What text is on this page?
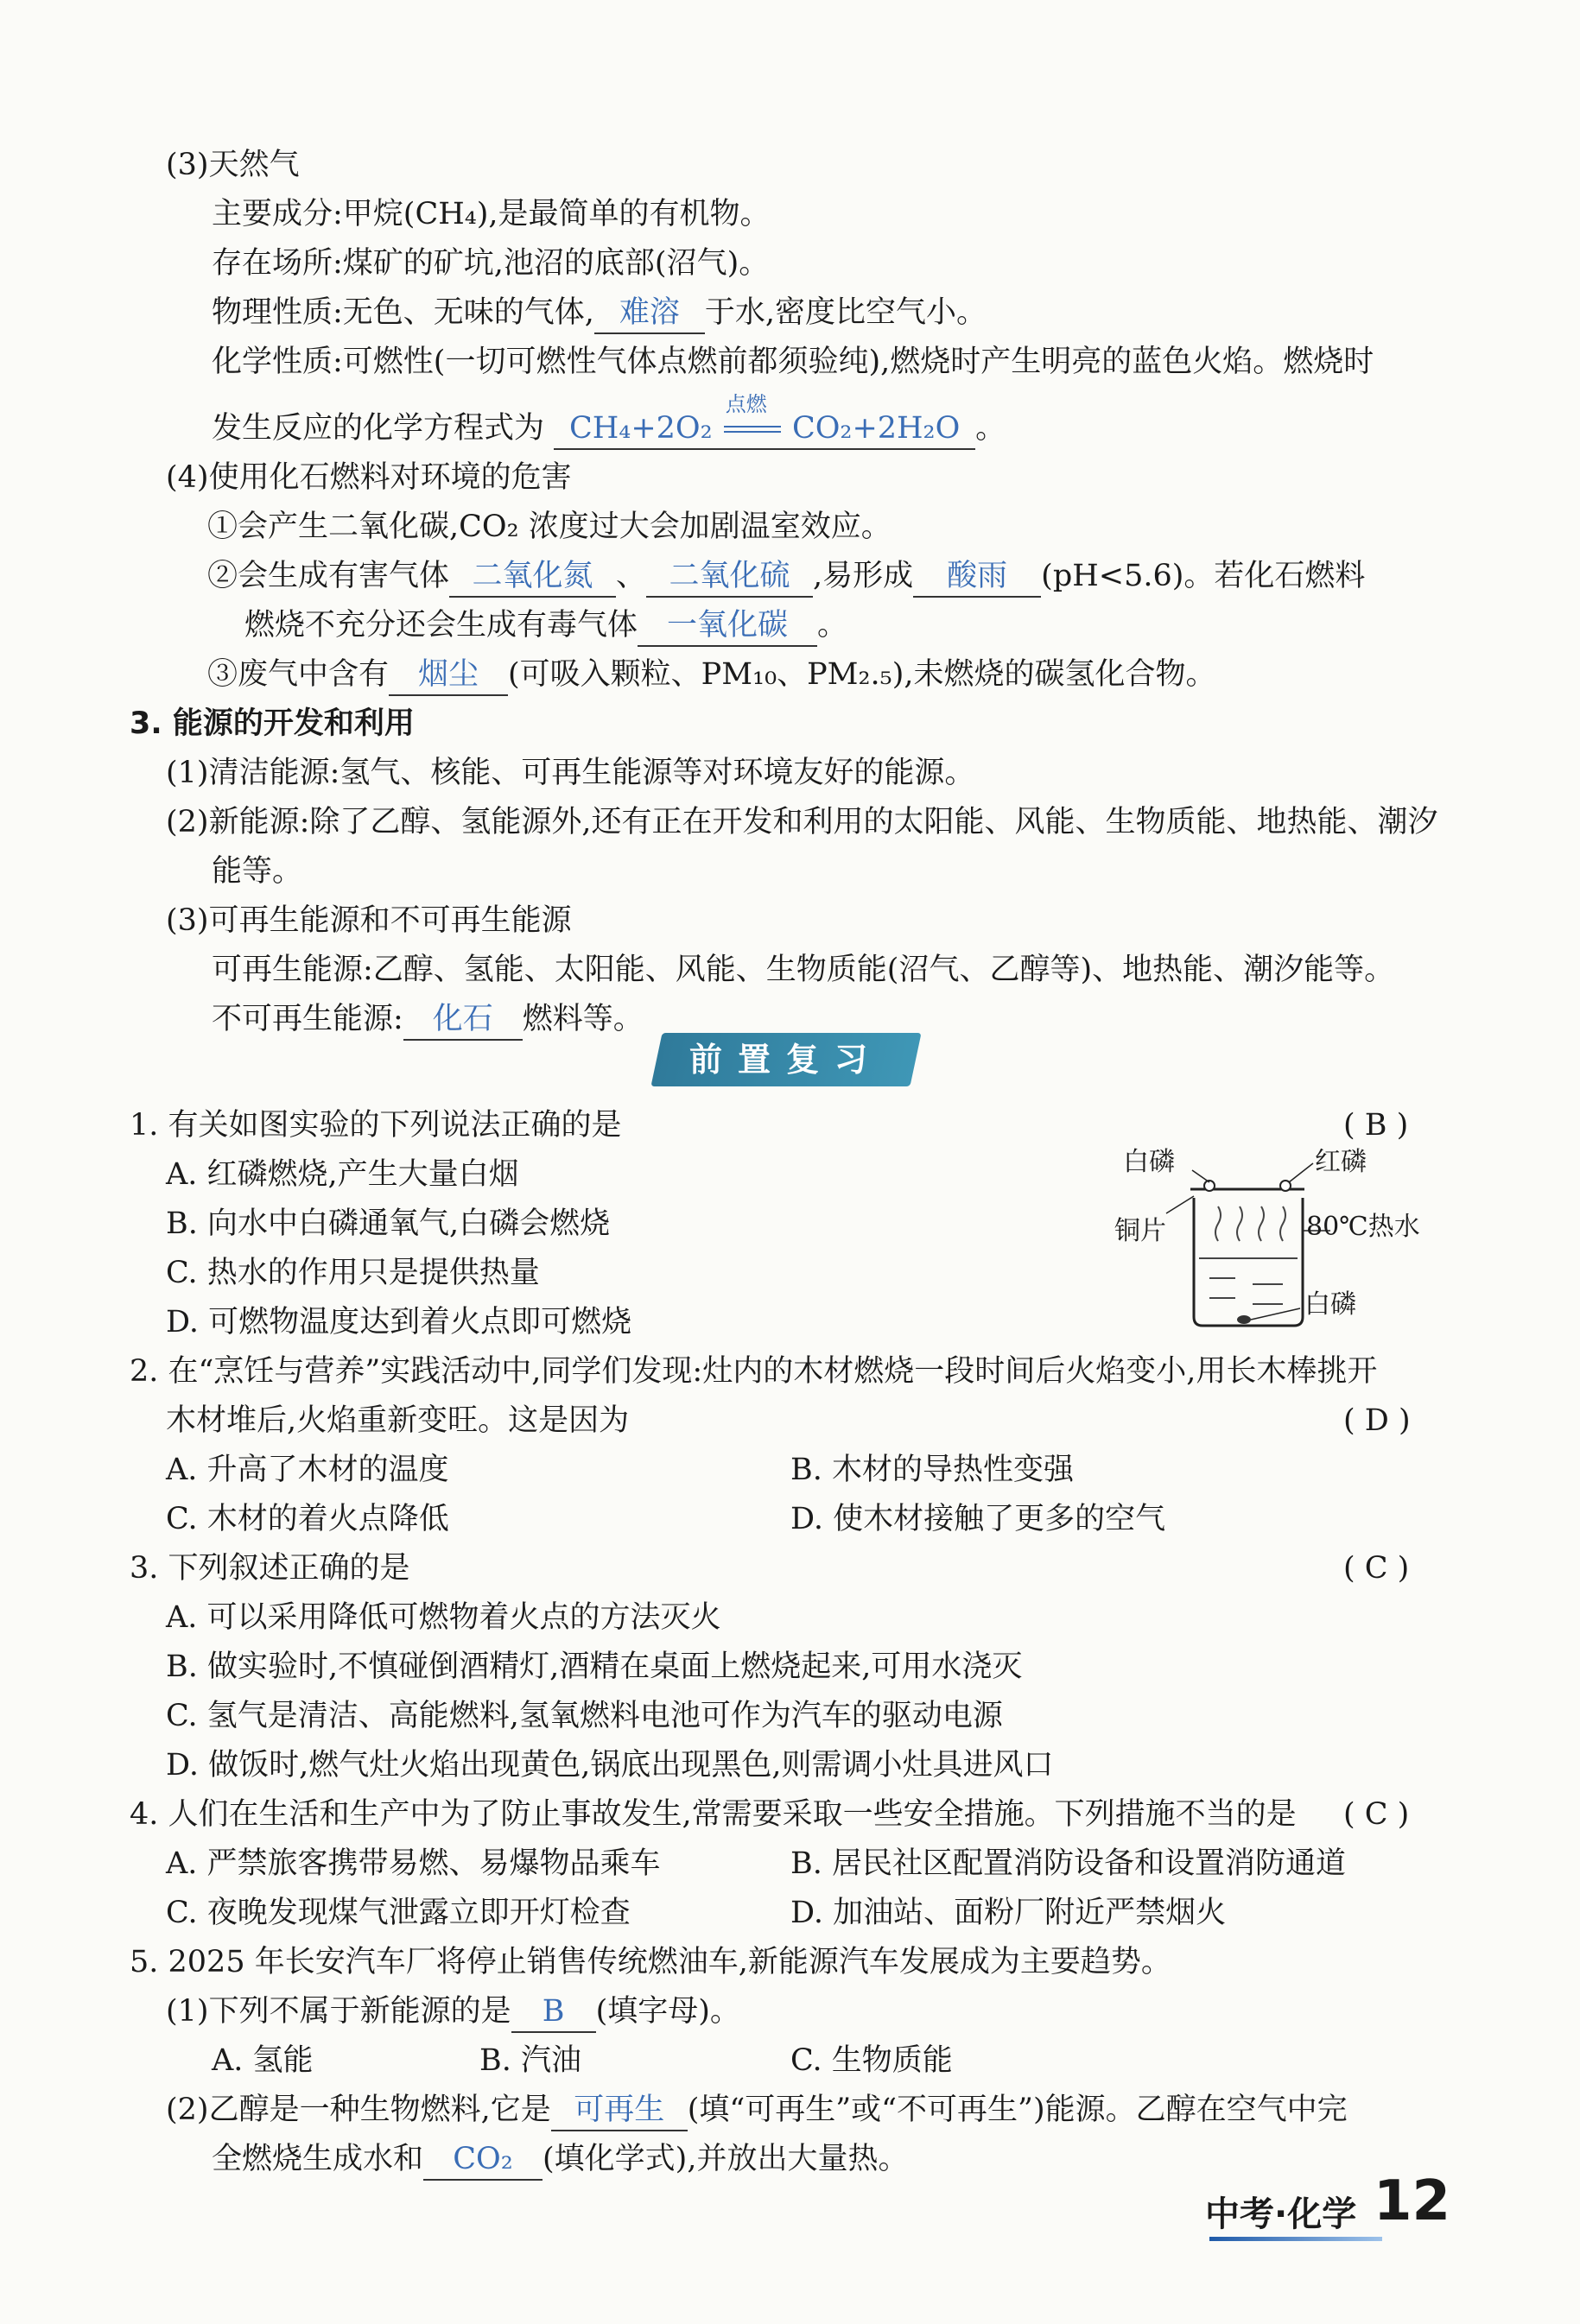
(3)天然气
主要成分:甲烷(CH₄),是最简单的有机物。
存在场所:煤矿的矿坑,池沼的底部(沼气)。
物理性质:无色、无味的气体, 难溶 于水,密度比空气小。
化学性质:可燃性(一切可燃性气体点燃前都须验纯),燃烧时产生明亮的蓝色火焰。燃烧时
发生反应的化学方程式为 CH₄+2O₂
点燃
CO₂+2H₂O 。
(4)使用化石燃料对环境的危害
①会产生二氧化碳,CO₂ 浓度过大会加剧温室效应。
②会生成有害气体 二氧化氮 、 二氧化硫 ,易形成 酸雨 (pH<5.6)。若化石燃料
燃烧不充分还会生成有毒气体 一氧化碳 。
③废气中含有 烟尘 (可吸入颗粒、PM₁₀、PM₂.₅),未燃烧的碳氢化合物。
3. 能源的开发和利用
(1)清洁能源:氢气、核能、可再生能源等对环境友好的能源。
(2)新能源:除了乙醇、氢能源外,还有正在开发和利用的太阳能、风能、生物质能、地热能、潮汐
能等。
(3)可再生能源和不可再生能源
可再生能源:乙醇、氢能、太阳能、风能、生物质能(沼气、乙醇等)、地热能、潮汐能等。
不可再生能源: 化石 燃料等。
前置复习
1. 有关如图实验的下列说法正确的是	( B )
A. 红磷燃烧,产生大量白烟
B. 向水中白磷通氧气,白磷会燃烧
C. 热水的作用只是提供热量
D. 可燃物温度达到着火点即可燃烧
白磷	红磷
铜片	80℃热水
白磷
2. 在“烹饪与营养”实践活动中,同学们发现:灶内的木材燃烧一段时间后火焰变小,用长木棒挑开
木材堆后,火焰重新变旺。这是因为	( D )
A. 升高了木材的温度	B. 木材的导热性变强
C. 木材的着火点降低	D. 使木材接触了更多的空气
3. 下列叙述正确的是	( C )
A. 可以采用降低可燃物着火点的方法灭火
B. 做实验时,不慎碰倒酒精灯,酒精在桌面上燃烧起来,可用水浇灭
C. 氢气是清洁、高能燃料,氢氧燃料电池可作为汽车的驱动电源
D. 做饭时,燃气灶火焰出现黄色,锅底出现黑色,则需调小灶具进风口
4. 人们在生活和生产中为了防止事故发生,常需要采取一些安全措施。下列措施不当的是 ( C )
A. 严禁旅客携带易燃、易爆物品乘车	B. 居民社区配置消防设备和设置消防通道
C. 夜晚发现煤气泄露立即开灯检查	D. 加油站、面粉厂附近严禁烟火
5. 2025 年长安汽车厂将停止销售传统燃油车,新能源汽车发展成为主要趋势。
(1)下列不属于新能源的是 B (填字母)。
A. 氢能	B. 汽油	C. 生物质能
(2)乙醇是一种生物燃料,它是 可再生 (填“可再生”或“不可再生”)能源。乙醇在空气中完
全燃烧生成水和 CO₂ (填化学式),并放出大量热。
中考·化学 12
